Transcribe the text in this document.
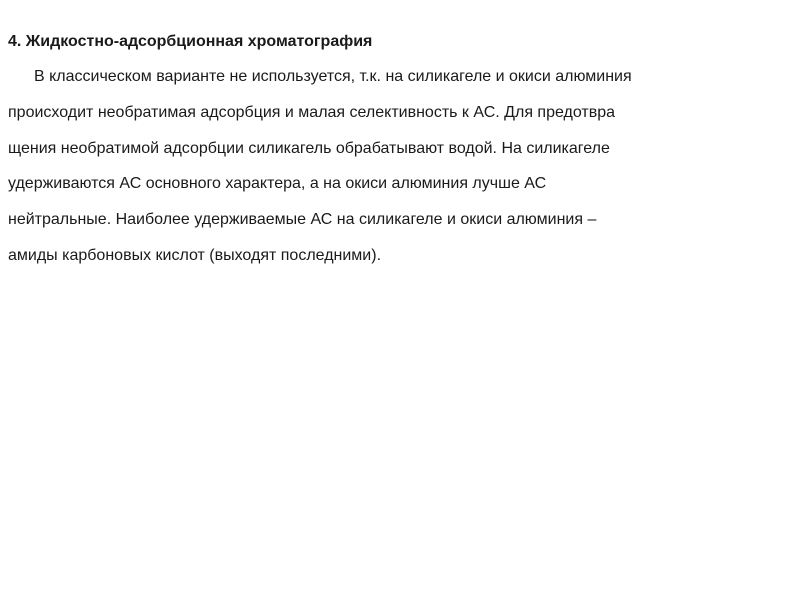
4. Жидкостно-адсорбционная хроматография
В классическом варианте не используется, т.к. на силикагеле и окиси алюминия
происходит необратимая адсорбция и малая селективность к АС. Для предотвра
щения необратимой адсорбции силикагель обрабатывают водой. На силикагеле
удерживаются АС основного характера, а на окиси алюминия лучше АС
нейтральные. Наиболее удерживаемые АС на силикагеле и окиси алюминия –
амиды карбоновых кислот (выходят последними).
